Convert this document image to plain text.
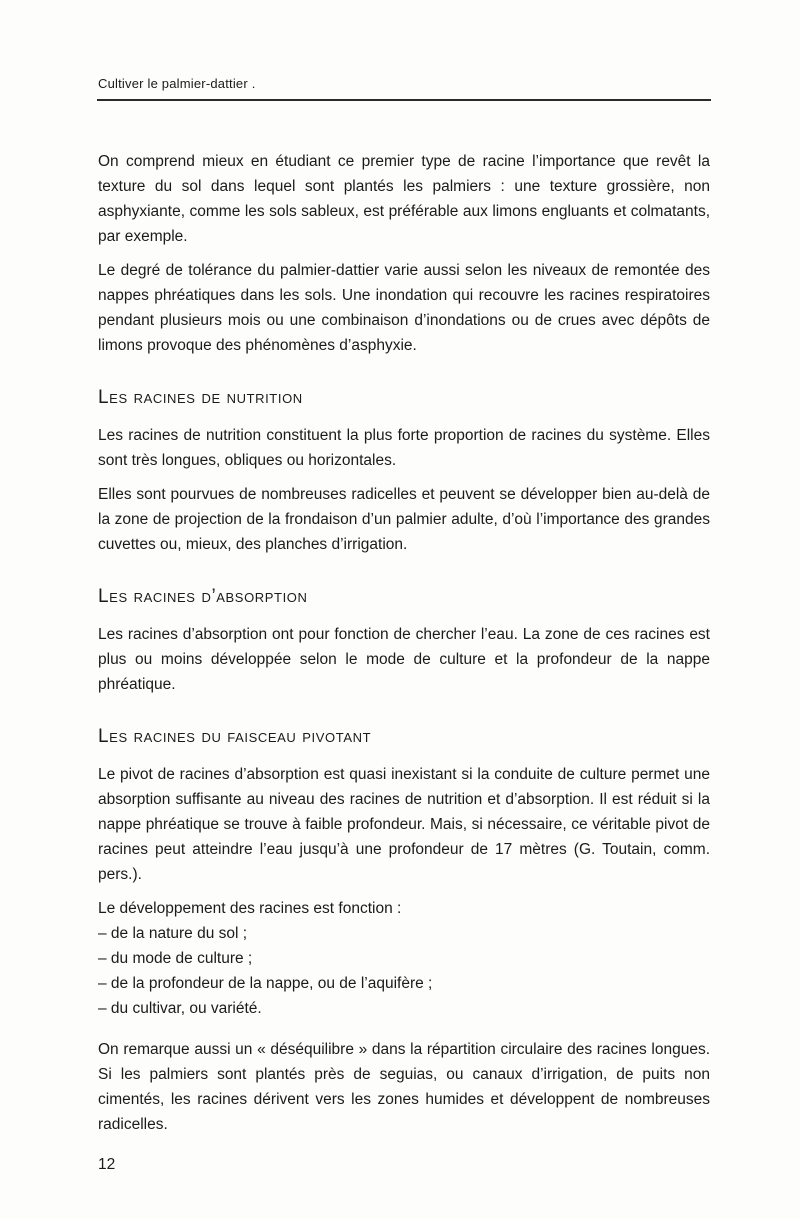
Cultiver le palmier-dattier .

On comprend mieux en étudiant ce premier type de racine l’importance que revêt la texture du sol dans lequel sont plantés les palmiers : une texture grossière, non asphyxiante, comme les sols sableux, est préférable aux limons engluants et colmatants, par exemple.

Le degré de tolérance du palmier-dattier varie aussi selon les niveaux de remontée des nappes phréatiques dans les sols. Une inondation qui recouvre les racines respiratoires pendant plusieurs mois ou une combinaison d’inondations ou de crues avec dépôts de limons provoque des phénomènes d’asphyxie.

Les racines de nutrition

Les racines de nutrition constituent la plus forte proportion de racines du système. Elles sont très longues, obliques ou horizontales.

Elles sont pourvues de nombreuses radicelles et peuvent se développer bien au-delà de la zone de projection de la frondaison d’un palmier adulte, d’où l’importance des grandes cuvettes ou, mieux, des planches d’irrigation.

Les racines d’absorption

Les racines d’absorption ont pour fonction de chercher l’eau. La zone de ces racines est plus ou moins développée selon le mode de culture et la profondeur de la nappe phréatique.

Les racines du faisceau pivotant

Le pivot de racines d’absorption est quasi inexistant si la conduite de culture permet une absorption suffisante au niveau des racines de nutrition et d’absorption. Il est réduit si la nappe phréatique se trouve à faible profondeur. Mais, si nécessaire, ce véritable pivot de racines peut atteindre l’eau jusqu’à une profondeur de 17 mètres (G. Toutain, comm. pers.).

Le développement des racines est fonction :

– de la nature du sol ;

– du mode de culture ;

– de la profondeur de la nappe, ou de l’aquifère ;

– du cultivar, ou variété.

On remarque aussi un « déséquilibre » dans la répartition circulaire des racines longues. Si les palmiers sont plantés près de seguias, ou canaux d’irrigation, de puits non cimentés, les racines dérivent vers les zones humides et développent de nombreuses radicelles.

12
